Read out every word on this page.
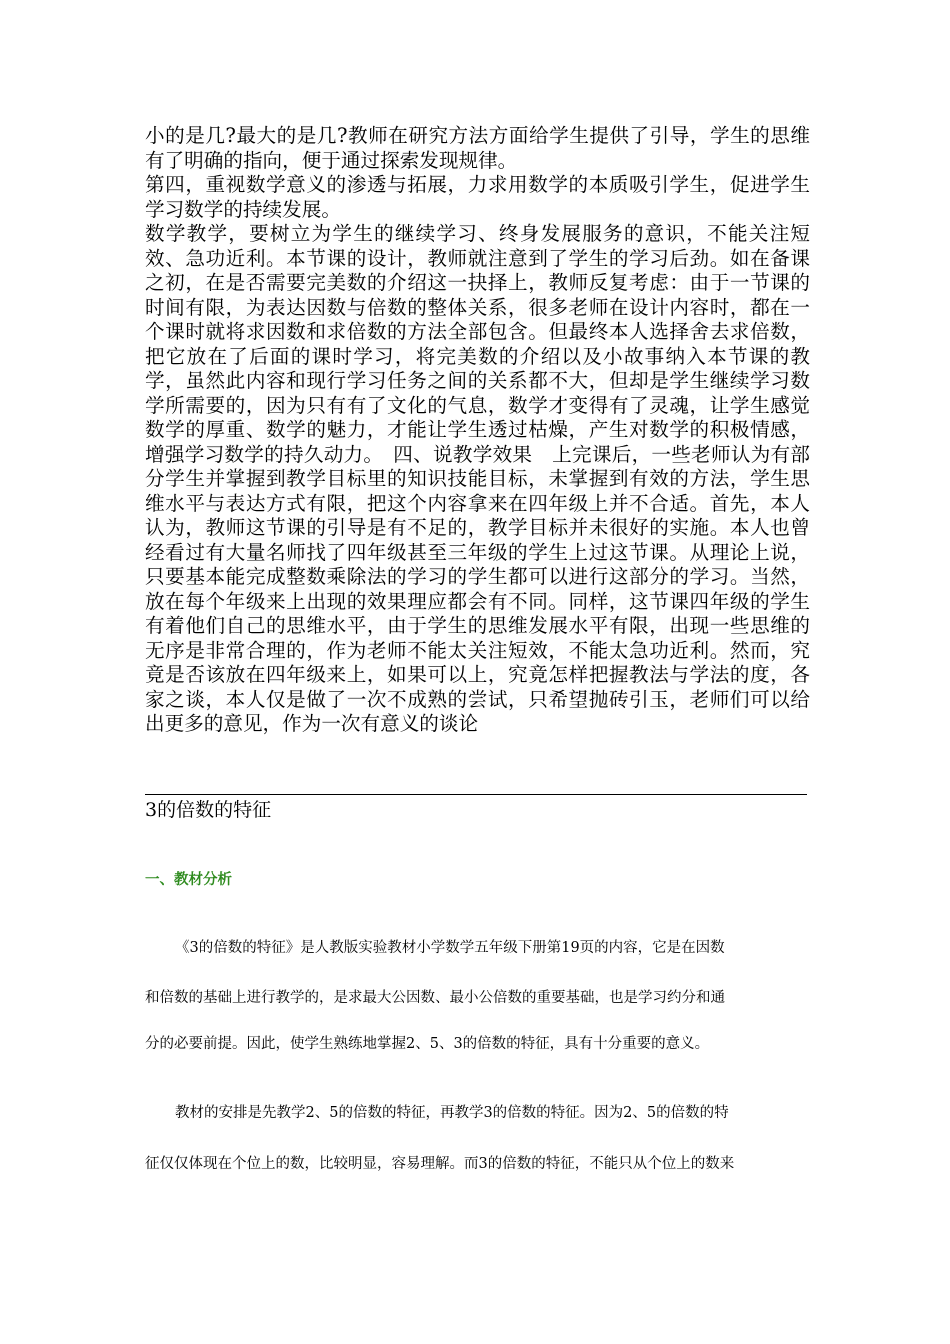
小的是几?最大的是几?教师在研究方法方面给学生提供了引导，学生的思维有了明确的指向，便于通过探索发现规律。

第四，重视数学意义的渗透与拓展，力求用数学的本质吸引学生，促进学生学习数学的持续发展。

数学教学，要树立为学生的继续学习、终身发展服务的意识，不能关注短效、急功近利。本节课的设计，教师就注意到了学生的学习后劲。如在备课之初，在是否需要完美数的介绍这一抉择上，教师反复考虑：由于一节课的时间有限，为表达因数与倍数的整体关系，很多老师在设计内容时，都在一个课时就将求因数和求倍数的方法全部包含。但最终本人选择舍去求倍数，把它放在了后面的课时学习，将完美数的介绍以及小故事纳入本节课的教学，虽然此内容和现行学习任务之间的关系都不大，但却是学生继续学习数学所需要的，因为只有有了文化的气息，数学才变得有了灵魂，让学生感觉数学的厚重、数学的魅力，才能让学生透过枯燥，产生对数学的积极情感，增强学习数学的持久动力。　四、说教学效果　上完课后，一些老师认为有部分学生并掌握到教学目标里的知识技能目标，未掌握到有效的方法，学生思维水平与表达方式有限，把这个内容拿来在四年级上并不合适。首先，本人认为，教师这节课的引导是有不足的，教学目标并未很好的实施。本人也曾经看过有大量名师找了四年级甚至三年级的学生上过这节课。从理论上说，只要基本能完成整数乘除法的学习的学生都可以进行这部分的学习。当然，放在每个年级来上出现的效果理应都会有不同。同样，这节课四年级的学生有着他们自己的思维水平，由于学生的思维发展水平有限，出现一些思维的无序是非常合理的，作为老师不能太关注短效，不能太急功近利。然而，究竟是否该放在四年级来上，如果可以上，究竟怎样把握教法与学法的度，各家之谈，本人仅是做了一次不成熟的尝试，只希望抛砖引玉，老师们可以给出更多的意见，作为一次有意义的谈论

3的倍数的特征
一、教材分析
《3的倍数的特征》是人教版实验教材小学数学五年级下册第19页的内容，它是在因数
和倍数的基础上进行教学的，是求最大公因数、最小公倍数的重要基础，也是学习约分和通
分的必要前提。因此，使学生熟练地掌握2、5、3的倍数的特征，具有十分重要的意义。
教材的安排是先教学2、5的倍数的特征，再教学3的倍数的特征。因为2、5的倍数的特
征仅仅体现在个位上的数，比较明显，容易理解。而3的倍数的特征，不能只从个位上的数来
